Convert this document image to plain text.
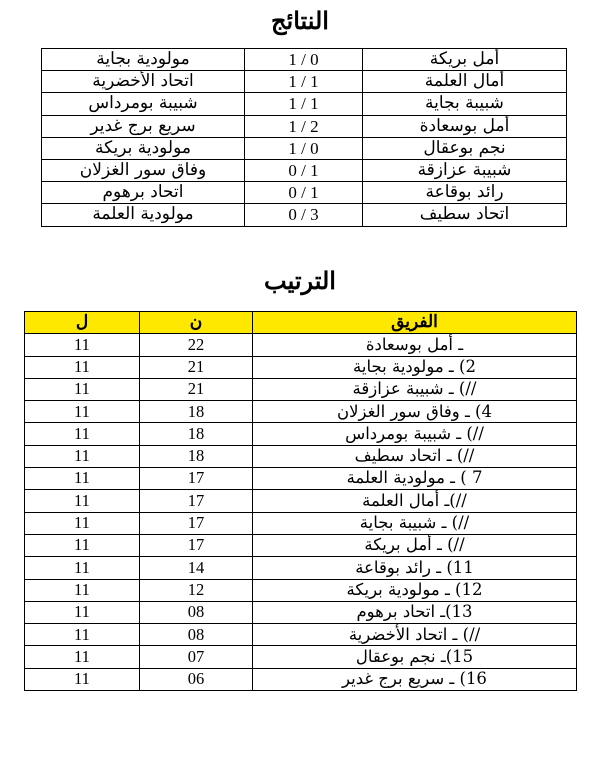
النتائج
مولودية بجاية	1 / 0	أمل بريكة
اتحاد الأخضرية	1 / 1	أمال العلمة
شبيبة بومرداس	1 / 1	شبيبة بجاية
سريع برج غدير	1 / 2	أمل بوسعادة
مولودية بريكة	1 / 0	نجم بوعقال
وفاق سور الغزلان	0 / 1	شبيبة عزازقة
اتحاد برهوم	0 / 1	رائد بوقاعة
مولودية العلمة	0 / 3	اتحاد سطيف
الترتيب
ل	ن	الفريق
11	22	ـ أمل بوسعادة
11	21	2) ـ مولودية بجاية
11	21	//) ـ شبيبة عزازقة
11	18	4) ـ وفاق سور الغزلان
11	18	//) ـ شبيبة بومرداس
11	18	//) ـ اتحاد سطيف
11	17	7 ) ـ مولودية العلمة
11	17	//)ـ أمال العلمة
11	17	//) ـ شبيبة بجاية
11	17	//) ـ أمل بريكة
11	14	11) ـ رائد بوقاعة
11	12	12) ـ مولودية بريكة
11	08	13)ـ اتحاد برهوم
11	08	//) ـ اتحاد الأخضرية
11	07	15)ـ نجم بوعقال
11	06	16) ـ سريع برج غدير
